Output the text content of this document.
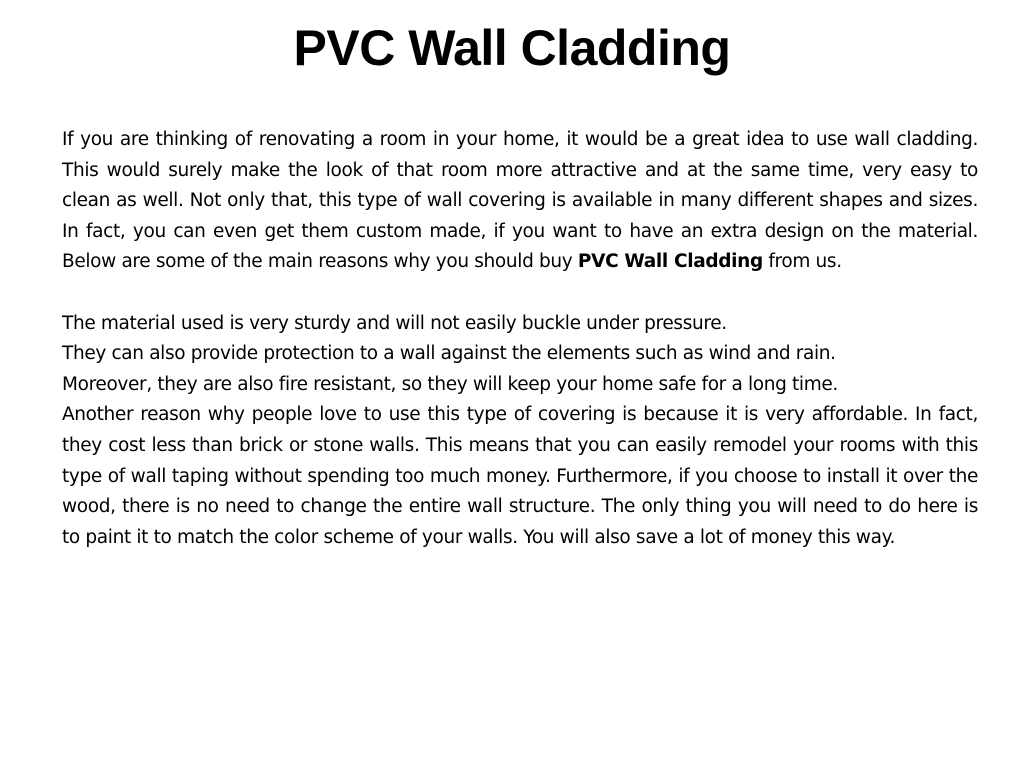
PVC Wall Cladding

If you are thinking of renovating a room in your home, it would be a great idea to use wall cladding. This would surely make the look of that room more attractive and at the same time, very easy to clean as well. Not only that, this type of wall covering is available in many different shapes and sizes. In fact, you can even get them custom made, if you want to have an extra design on the material. Below are some of the main reasons why you should buy PVC Wall Cladding from us.

The material used is very sturdy and will not easily buckle under pressure.

They can also provide protection to a wall against the elements such as wind and rain.

Moreover, they are also fire resistant, so they will keep your home safe for a long time.

Another reason why people love to use this type of covering is because it is very affordable. In fact, they cost less than brick or stone walls. This means that you can easily remodel your rooms with this type of wall taping without spending too much money. Furthermore, if you choose to install it over the wood, there is no need to change the entire wall structure. The only thing you will need to do here is to paint it to match the color scheme of your walls. You will also save a lot of money this way.
